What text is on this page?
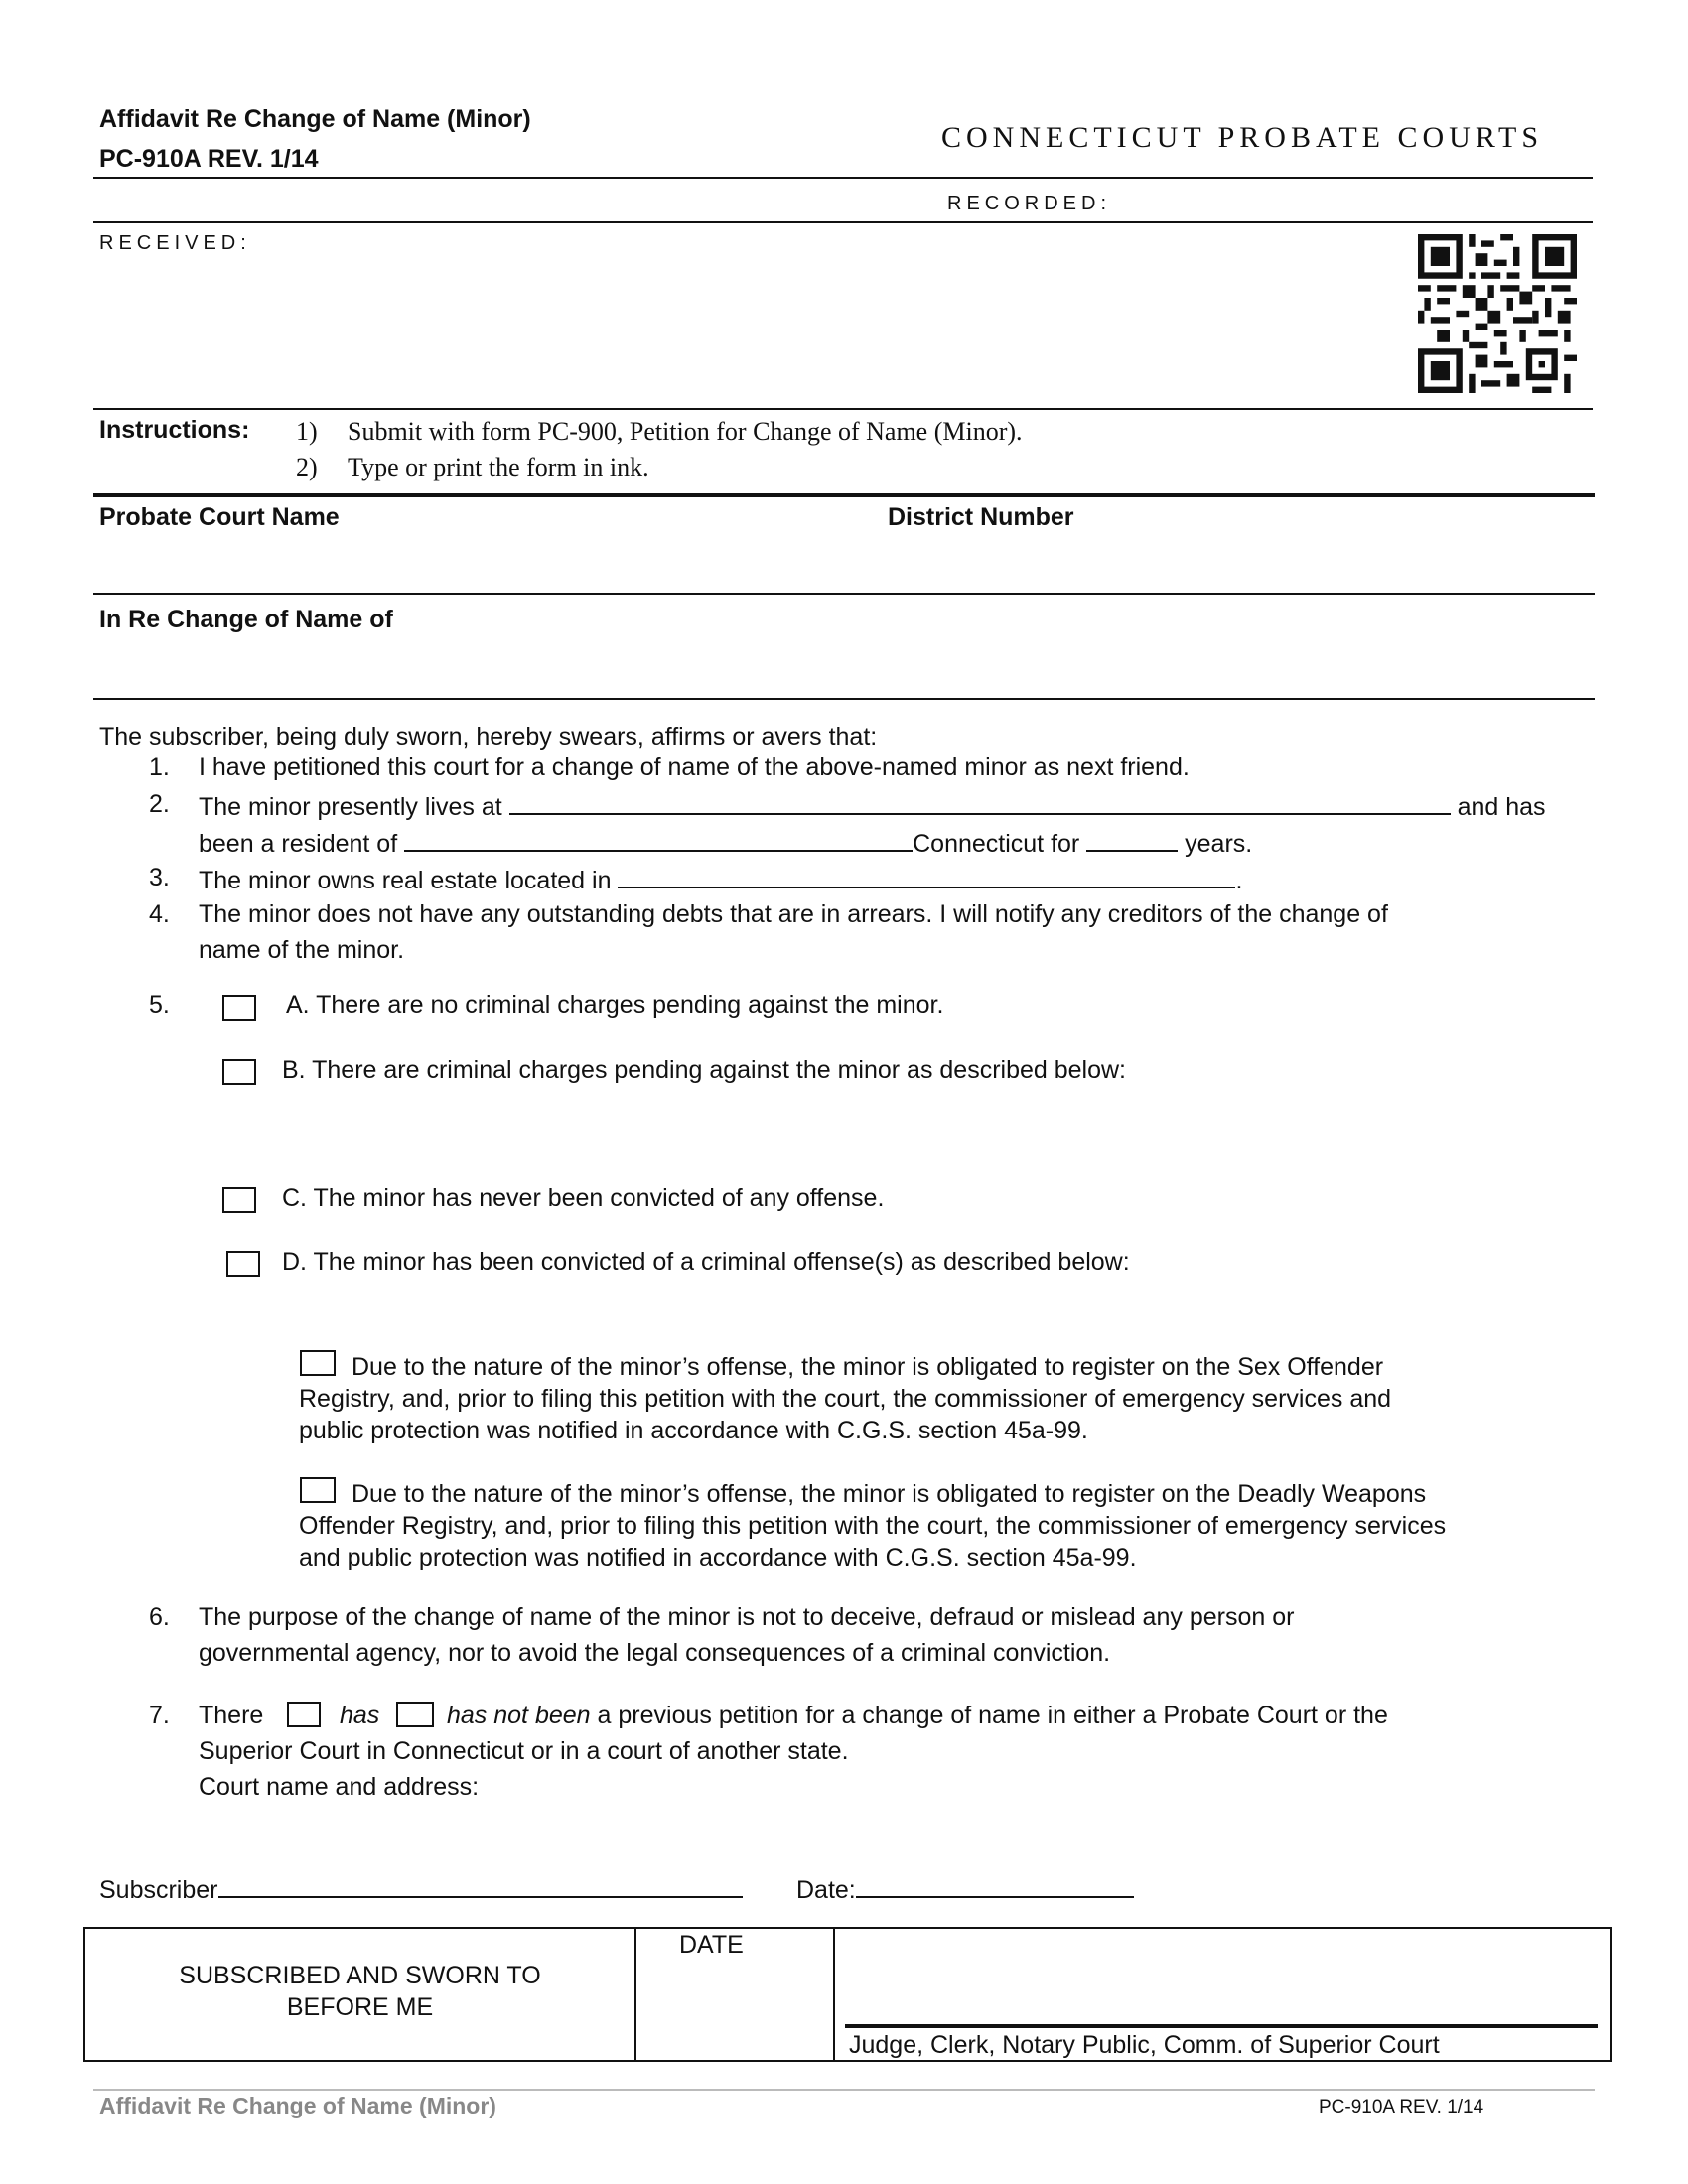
Affidavit Re Change of Name (Minor)
PC-910A REV. 1/14
CONNECTICUT PROBATE COURTS
RECORDED:
RECEIVED:
Instructions: 1) Submit with form PC-900, Petition for Change of Name (Minor).
2) Type or print the form in ink.
Probate Court Name	District Number
In Re Change of Name of
The subscriber, being duly sworn, hereby swears, affirms or avers that:
1. I have petitioned this court for a change of name of the above-named minor as next friend.
2. The minor presently lives at	and has
been a resident of	Connecticut for	years.
3. The minor owns real estate located in	.
4. The minor does not have any outstanding debts that are in arrears. I will notify any creditors of the change of
name of the minor.
5.	A. There are no criminal charges pending against the minor.
B. There are criminal charges pending against the minor as described below:
C. The minor has never been convicted of any offense.
D. The minor has been convicted of a criminal offense(s) as described below:
Due to the nature of the minor’s offense, the minor is obligated to register on the Sex Offender
Registry, and, prior to filing this petition with the court, the commissioner of emergency services and
public protection was notified in accordance with C.G.S. section 45a-99.
Due to the nature of the minor’s offense, the minor is obligated to register on the Deadly Weapons
Offender Registry, and, prior to filing this petition with the court, the commissioner of emergency services
and public protection was notified in accordance with C.G.S. section 45a-99.
6. The purpose of the change of name of the minor is not to deceive, defraud or mislead any person or
governmental agency, nor to avoid the legal consequences of a criminal conviction.
7. There	has	has not been a previous petition for a change of name in either a Probate Court or the
Superior Court in Connecticut or in a court of another state.
Court name and address:
Subscriber	Date:
SUBSCRIBED AND SWORN TO
BEFORE ME
DATE
Judge, Clerk, Notary Public, Comm. of Superior Court
Affidavit Re Change of Name (Minor)	PC-910A REV. 1/14
